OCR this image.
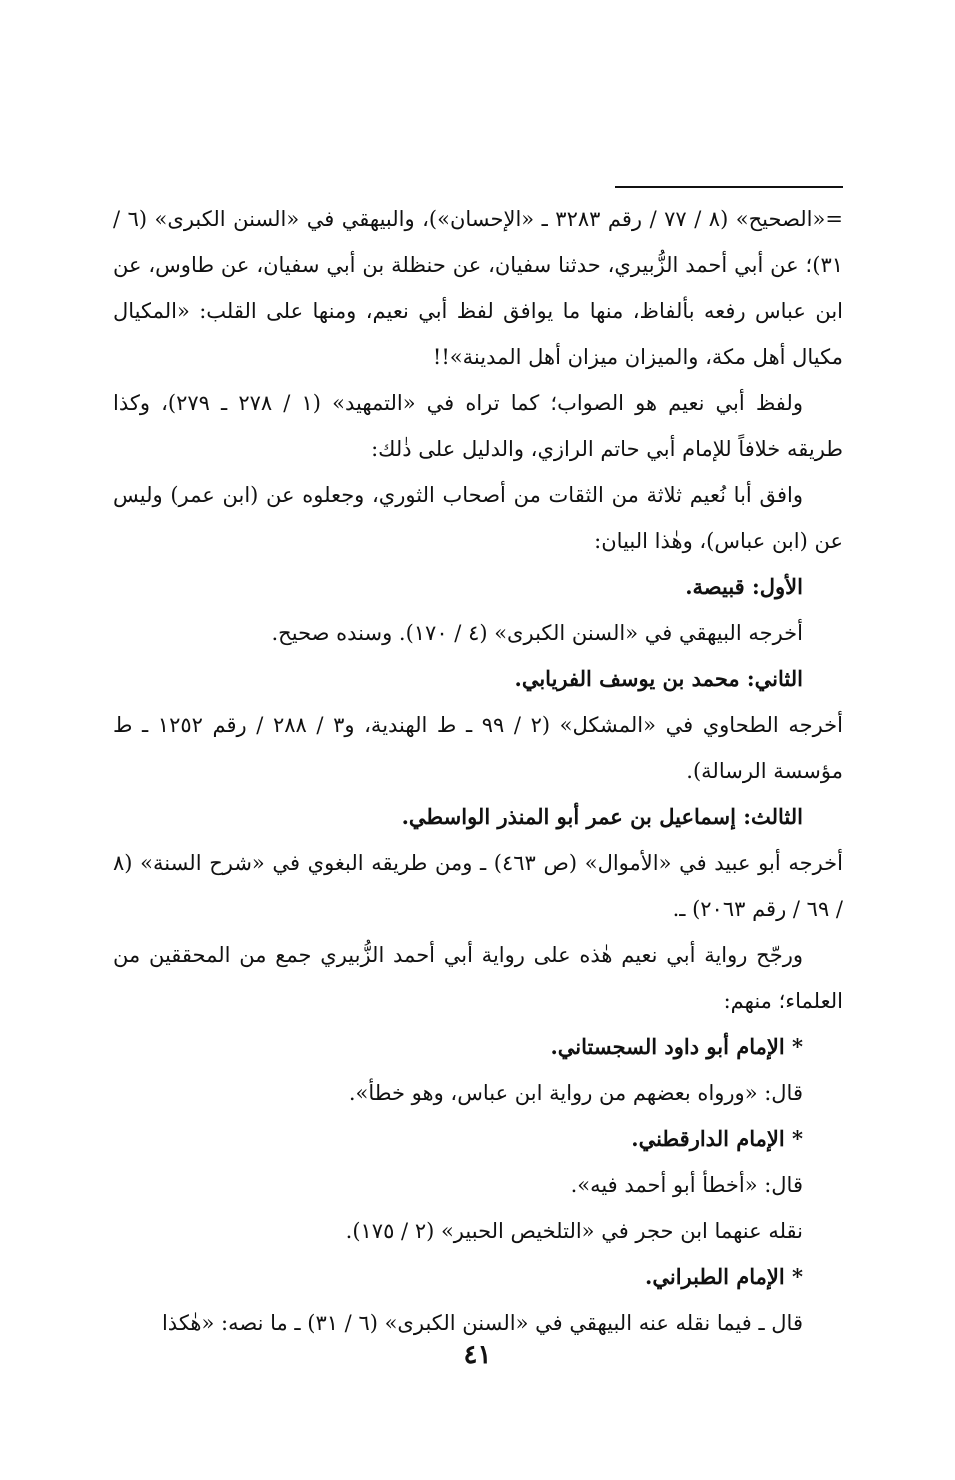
=«الصحيح» (٨ / ٧٧ / رقم ٣٢٨٣ ـ «الإحسان»)، والبيهقي في «السنن الكبرى» (٦ / ٣١)؛ عن أبي أحمد الزُّبيري، حدثنا سفيان، عن حنظلة بن أبي سفيان، عن طاوس، عن ابن عباس رفعه بألفاظ، منها ما يوافق لفظ أبي نعيم، ومنها على القلب: «المكيال مكيال أهل مكة، والميزان ميزان أهل المدينة»!!

ولفظ أبي نعيم هو الصواب؛ كما تراه في «التمهيد» (١ / ٢٧٨ ـ ٢٧٩)، وكذا طريقه خلافاً للإمام أبي حاتم الرازي، والدليل على ذٰلك:

وافق أبا نُعيم ثلاثة من الثقات من أصحاب الثوري، وجعلوه عن (ابن عمر) وليس عن (ابن عباس)، وهٰذا البيان:

الأول: قبيصة.

أخرجه البيهقي في «السنن الكبرى» (٤ / ١٧٠). وسنده صحيح.

الثاني: محمد بن يوسف الفريابي.

أخرجه الطحاوي في «المشكل» (٢ / ٩٩ ـ ط الهندية، و٣ / ٢٨٨ / رقم ١٢٥٢ ـ ط مؤسسة الرسالة).

الثالث: إسماعيل بن عمر أبو المنذر الواسطي.

أخرجه أبو عبيد في «الأموال» (ص ٤٦٣) ـ ومن طريقه البغوي في «شرح السنة» (٨ / ٦٩ / رقم ٢٠٦٣) ـ.

ورجّح رواية أبي نعيم هٰذه على رواية أبي أحمد الزُّبيري جمع من المحققين من العلماء؛ منهم:

* الإمام أبو داود السجستاني.

قال: «ورواه بعضهم من رواية ابن عباس، وهو خطأ».

* الإمام الدارقطني.

قال: «أخطأ أبو أحمد فيه».

نقله عنهما ابن حجر في «التلخيص الحبير» (٢ / ١٧٥).

* الإمام الطبراني.

قال ـ فيما نقله عنه البيهقي في «السنن الكبرى» (٦ / ٣١) ـ ما نصه: «هٰكذا

٤١
